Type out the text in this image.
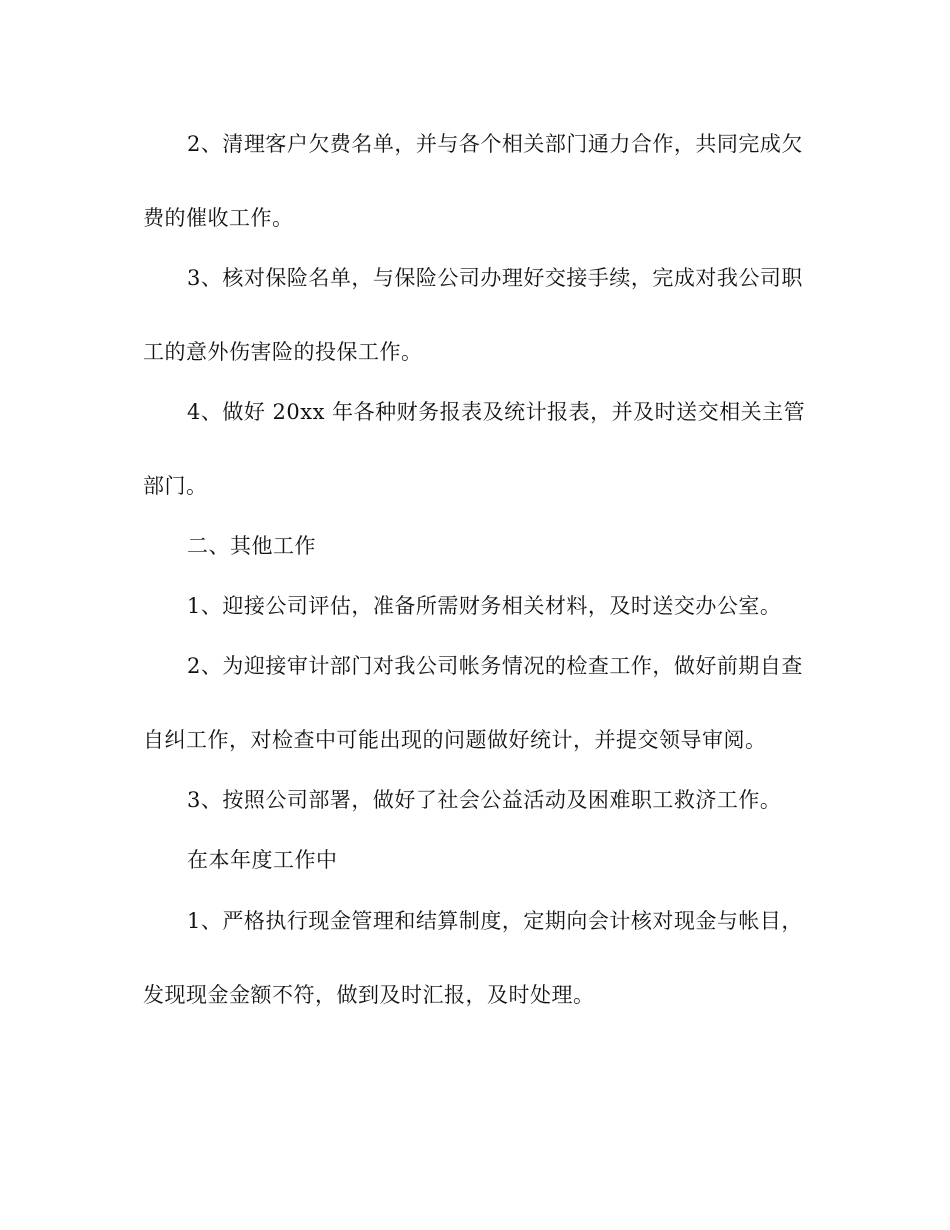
2、清理客户欠费名单，并与各个相关部门通力合作，共同完成欠
费的催收工作。
3、核对保险名单，与保险公司办理好交接手续，完成对我公司职
工的意外伤害险的投保工作。
4、做好 20xx 年各种财务报表及统计报表，并及时送交相关主管
部门。
二、其他工作
1、迎接公司评估，准备所需财务相关材料，及时送交办公室。
2、为迎接审计部门对我公司帐务情况的检查工作，做好前期自查
自纠工作，对检查中可能出现的问题做好统计，并提交领导审阅。
3、按照公司部署，做好了社会公益活动及困难职工救济工作。
在本年度工作中
1、严格执行现金管理和结算制度，定期向会计核对现金与帐目，
发现现金金额不符，做到及时汇报，及时处理。
